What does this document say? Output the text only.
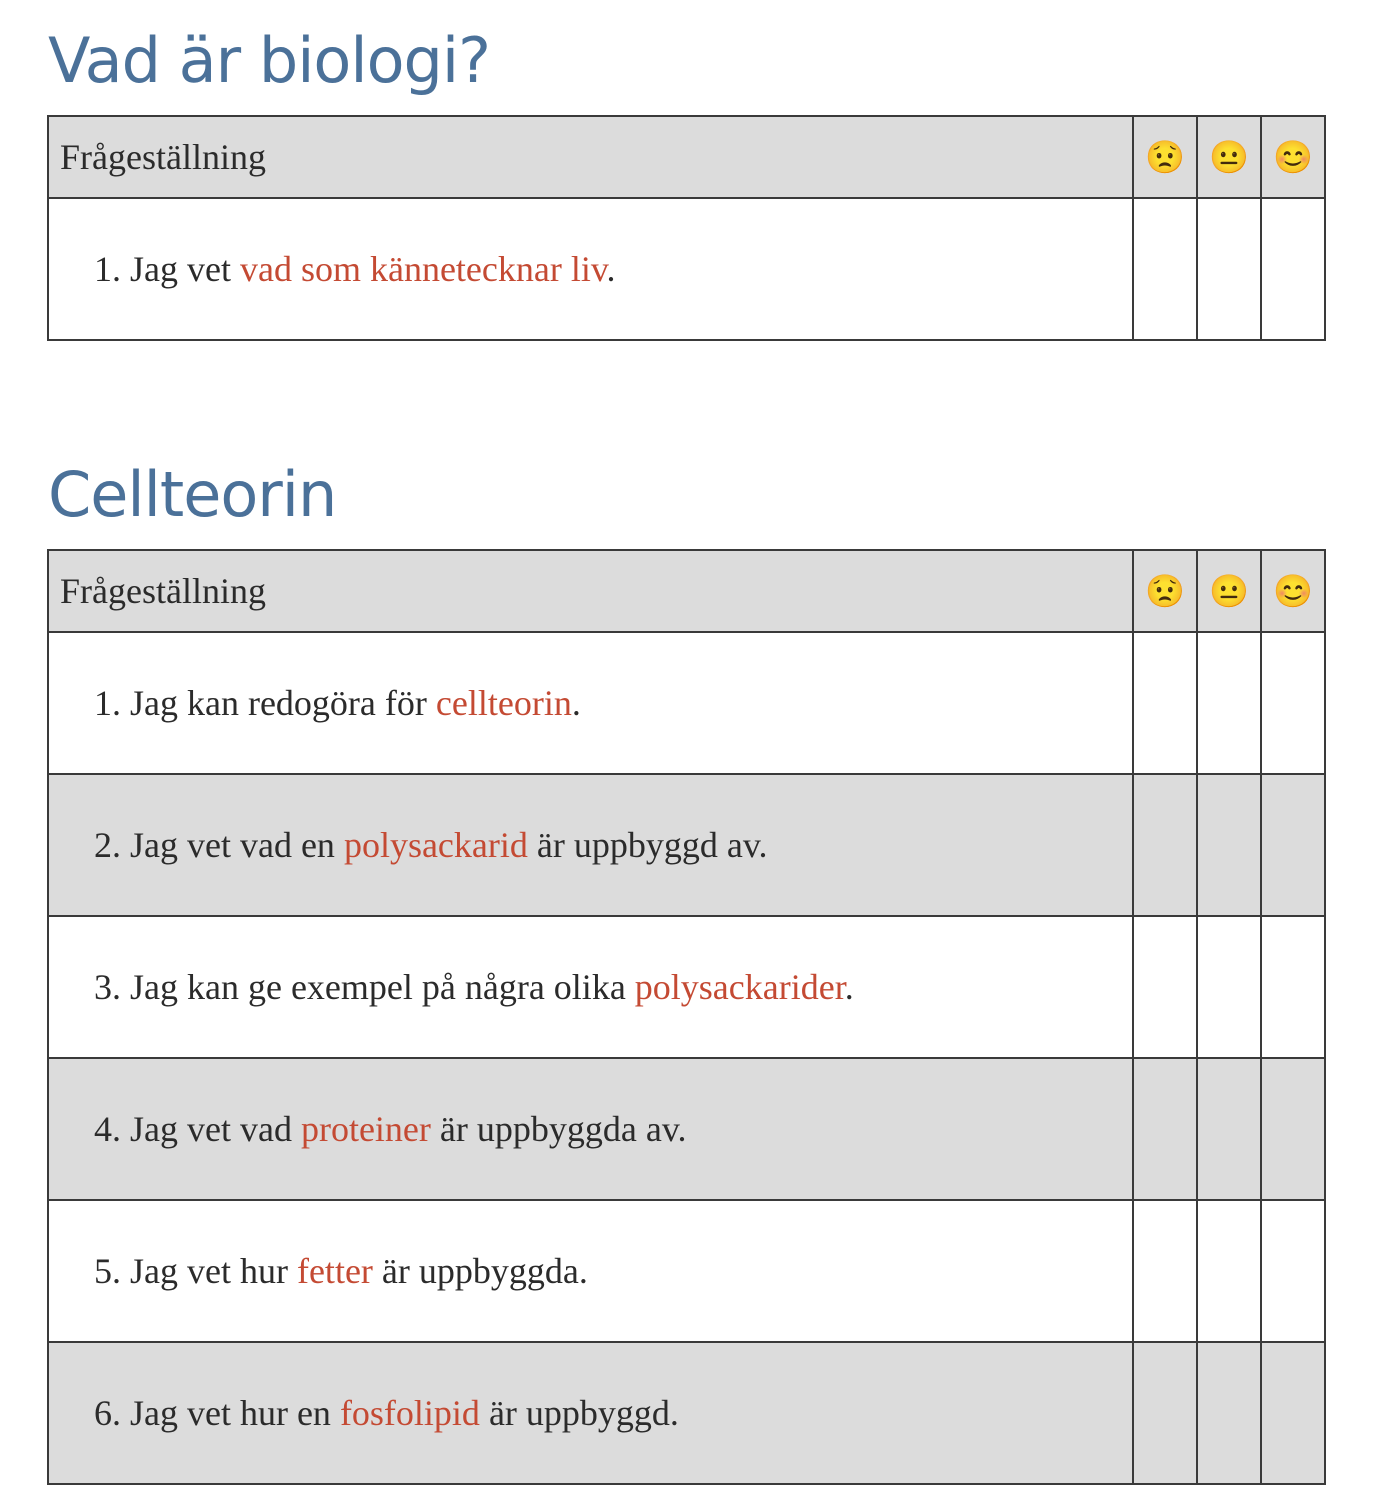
Vad är biologi?
Frågeställning	😟	😐	😊
1. Jag vet vad som kännetecknar liv.			
Cellteorin
Frågeställning	😟	😐	😊
1. Jag kan redogöra för cellteorin.			
2. Jag vet vad en polysackarid är uppbyggd av.			
3. Jag kan ge exempel på några olika polysackarider.			
4. Jag vet vad proteiner är uppbyggda av.			
5. Jag vet hur fetter är uppbyggda.			
6. Jag vet hur en fosfolipid är uppbyggd.			
